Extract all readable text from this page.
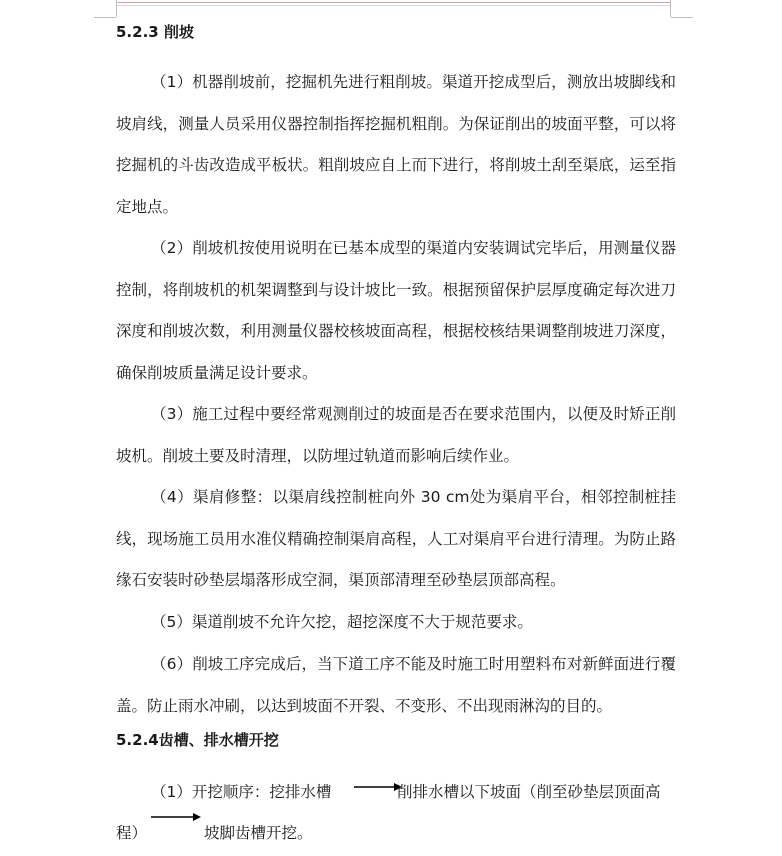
5.2.3 削坡
（1）机器削坡前，挖掘机先进行粗削坡。渠道开挖成型后，测放出坡脚线和坡肩线，测量人员采用仪器控制指挥挖掘机粗削。为保证削出的坡面平整，可以将挖掘机的斗齿改造成平板状。粗削坡应自上而下进行，将削坡土刮至渠底，运至指定地点。
（2）削坡机按使用说明在已基本成型的渠道内安装调试完毕后，用测量仪器控制，将削坡机的机架调整到与设计坡比一致。根据预留保护层厚度确定每次进刀深度和削坡次数，利用测量仪器校核坡面高程，根据校核结果调整削坡进刀深度，确保削坡质量满足设计要求。
（3）施工过程中要经常观测削过的坡面是否在要求范围内，以便及时矫正削坡机。削坡土要及时清理，以防埋过轨道而影响后续作业。
（4）渠肩修整：以渠肩线控制桩向外 30 cm处为渠肩平台，相邻控制桩挂线，现场施工员用水准仪精确控制渠肩高程，人工对渠肩平台进行清理。为防止路缘石安装时砂垫层塌落形成空洞，渠顶部清理至砂垫层顶部高程。
（5）渠道削坡不允许欠挖，超挖深度不大于规范要求。
（6）削坡工序完成后，当下道工序不能及时施工时用塑料布对新鲜面进行覆盖。防止雨水冲刷，以达到坡面不开裂、不变形、不出现雨淋沟的目的。
5.2.4齿槽、排水槽开挖
（1）开挖顺序：挖排水槽	削排水槽以下坡面（削至砂垫层顶面高
程）	坡脚齿槽开挖。
